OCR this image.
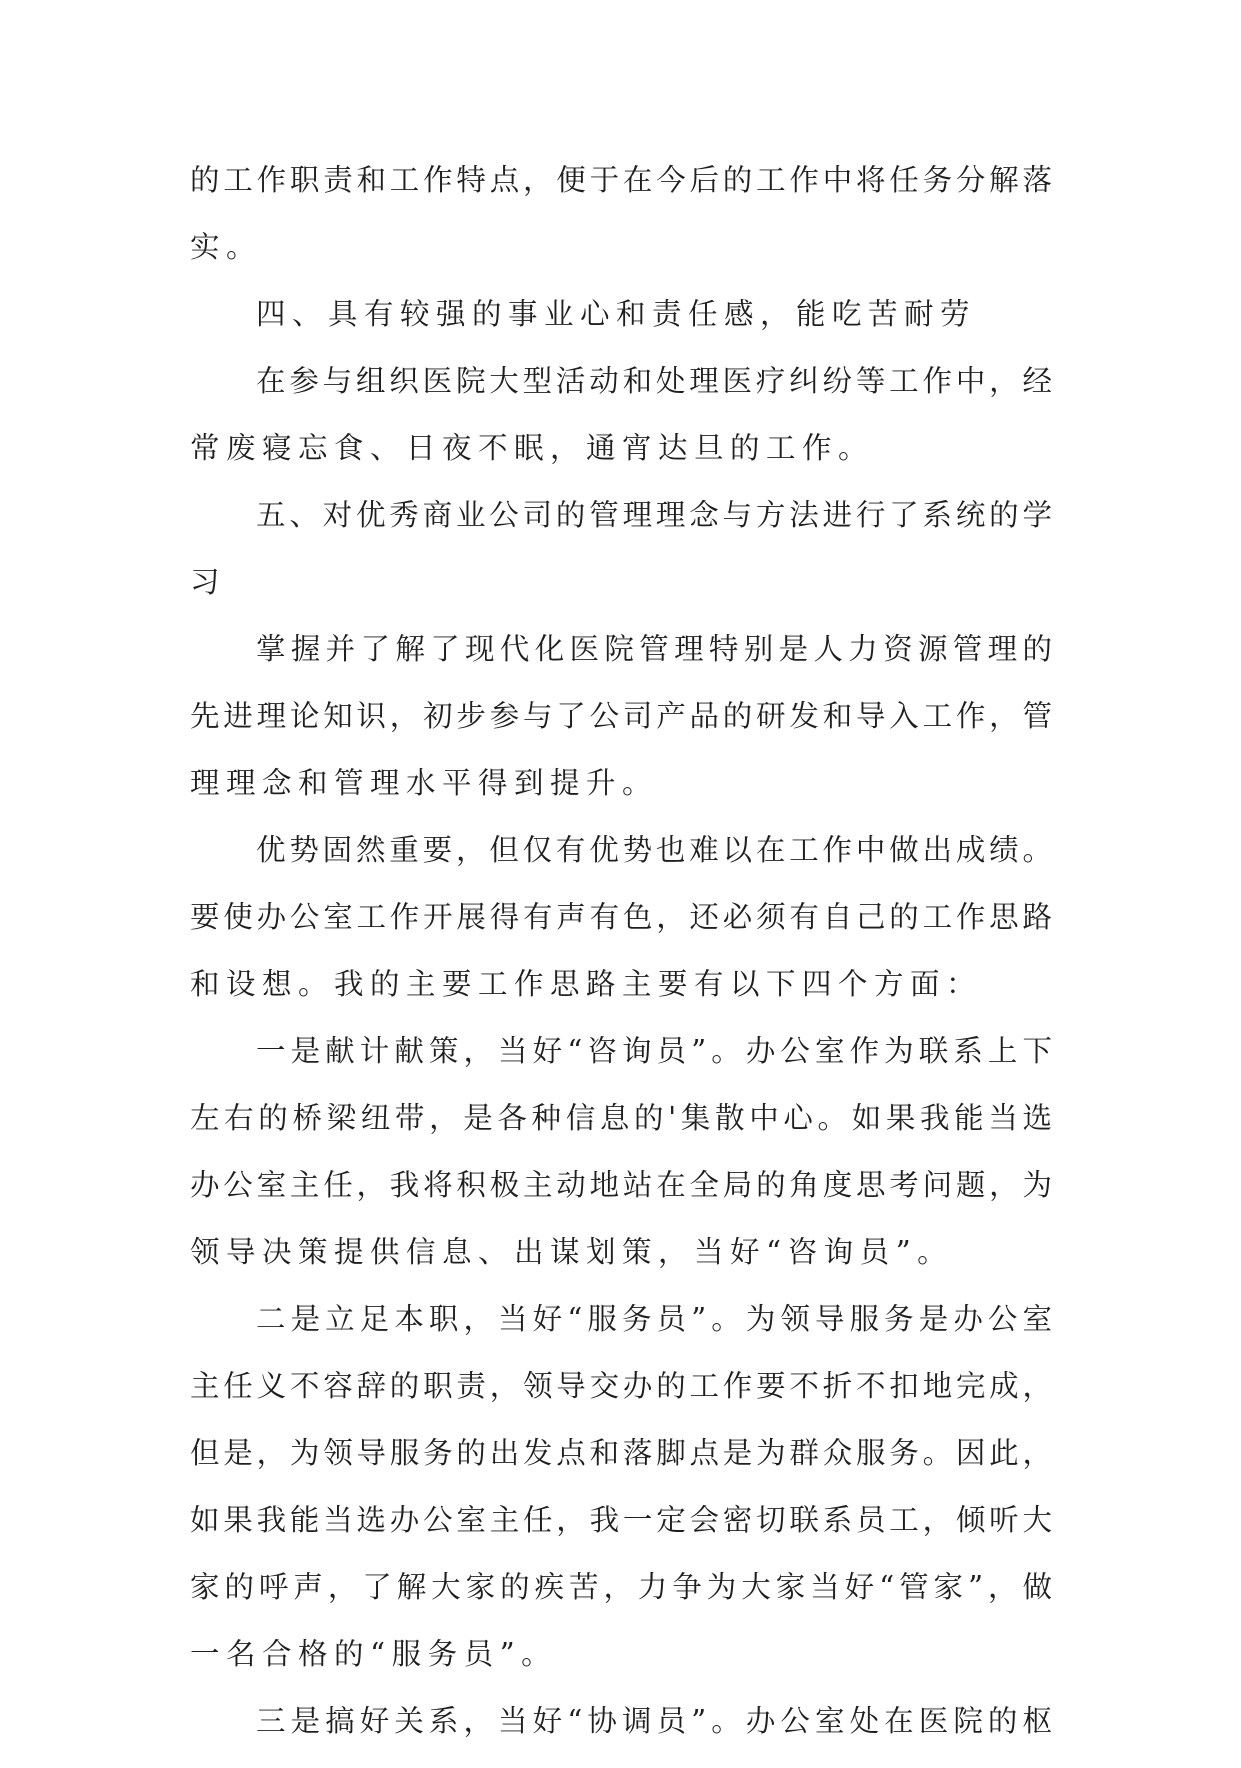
的工作职责和工作特点，便于在今后的工作中将任务分解落
实。
四、具有较强的事业心和责任感，能吃苦耐劳
在参与组织医院大型活动和处理医疗纠纷等工作中，经
常废寝忘食、日夜不眠，通宵达旦的工作。
五、对优秀商业公司的管理理念与方法进行了系统的学
习
掌握并了解了现代化医院管理特别是人力资源管理的
先进理论知识，初步参与了公司产品的研发和导入工作，管
理理念和管理水平得到提升。
优势固然重要，但仅有优势也难以在工作中做出成绩。
要使办公室工作开展得有声有色，还必须有自己的工作思路
和设想。我的主要工作思路主要有以下四个方面：
一是献计献策，当好“咨询员”。办公室作为联系上下
左右的桥梁纽带，是各种信息的'集散中心。如果我能当选
办公室主任，我将积极主动地站在全局的角度思考问题，为
领导决策提供信息、出谋划策，当好“咨询员”。
二是立足本职，当好“服务员”。为领导服务是办公室
主任义不容辞的职责，领导交办的工作要不折不扣地完成，
但是，为领导服务的出发点和落脚点是为群众服务。因此，
如果我能当选办公室主任，我一定会密切联系员工，倾听大
家的呼声，了解大家的疾苦，力争为大家当好“管家”，做
一名合格的“服务员”。
三是搞好关系，当好“协调员”。办公室处在医院的枢
